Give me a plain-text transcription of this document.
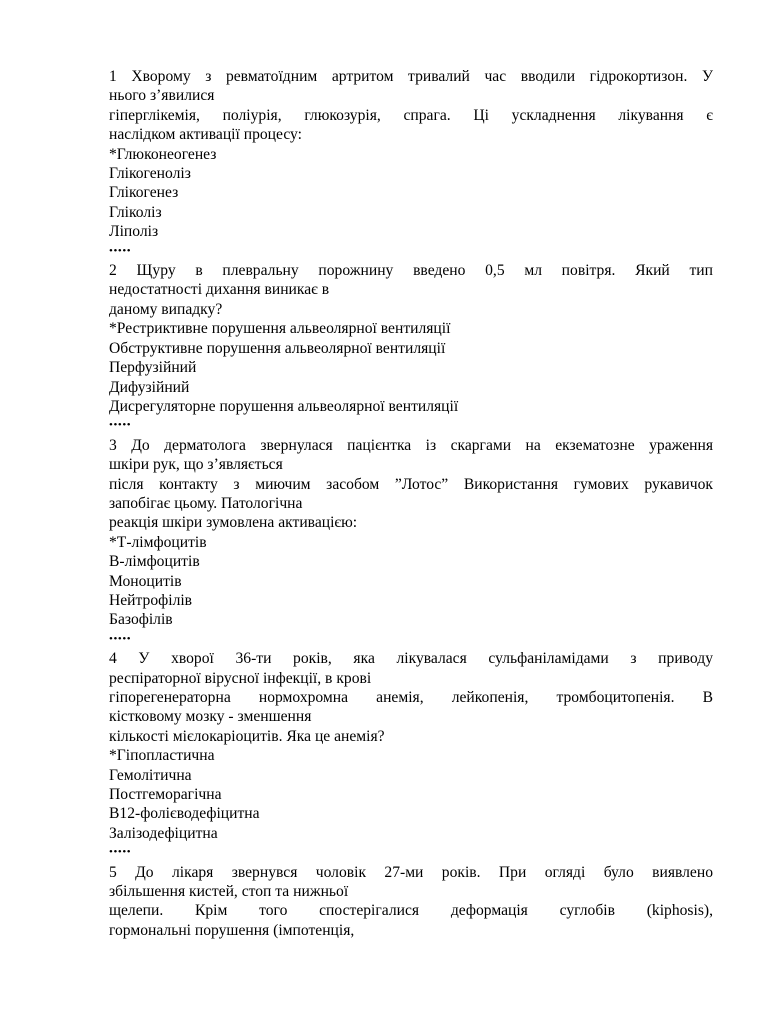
1 Хворому з ревматоїдним артритом тривалий час вводили гідрокортизон. У

нього з’явилися

гіперглікемія, поліурія, глюкозурія, спрага. Ці ускладнення лікування є

наслідком активації процесу:

*Глюконеогенез

Глікогеноліз

Глікогенез

Гліколіз

Ліполіз

•••••

2 Щуру в плевральну порожнину введено 0,5 мл повітря. Який тип

недостатності дихання виникає в

даному випадку?

*Рестриктивне порушення альвеолярної вентиляції

Обструктивне порушення альвеолярної вентиляції

Перфузійний

Дифузійний

Дисрегуляторне порушення альвеолярної вентиляції

•••••

3 До дерматолога звернулася пацієнтка із скаргами на екзематозне ураження

шкіри рук, що з’являється

після контакту з миючим засобом ”Лотос” Використання гумових рукавичок

запобігає цьому. Патологічна

реакція шкіри зумовлена активацією:

*Т-лімфоцитів

В-лімфоцитів

Моноцитів

Нейтрофілів

Базофілів

•••••

4 У хворої 36-ти років, яка лікувалася сульфаніламідами з приводу

респіраторної вірусної інфекції, в крові

гіпорегенераторна нормохромна анемія, лейкопенія, тромбоцитопенія. В

кістковому мозку - зменшення

кількості мієлокаріоцитів. Яка це анемія?

*Гіпопластична

Гемолітична

Постгеморагічна

В12-фолієводефіцитна

Залізодефіцитна

•••••

5 До лікаря звернувся чоловік 27-ми років. При огляді було виявлено

збільшення кистей, стоп та нижньої

щелепи. Крім того спостерігалися деформація суглобів (kiphosis),

гормональні порушення (імпотенція,
